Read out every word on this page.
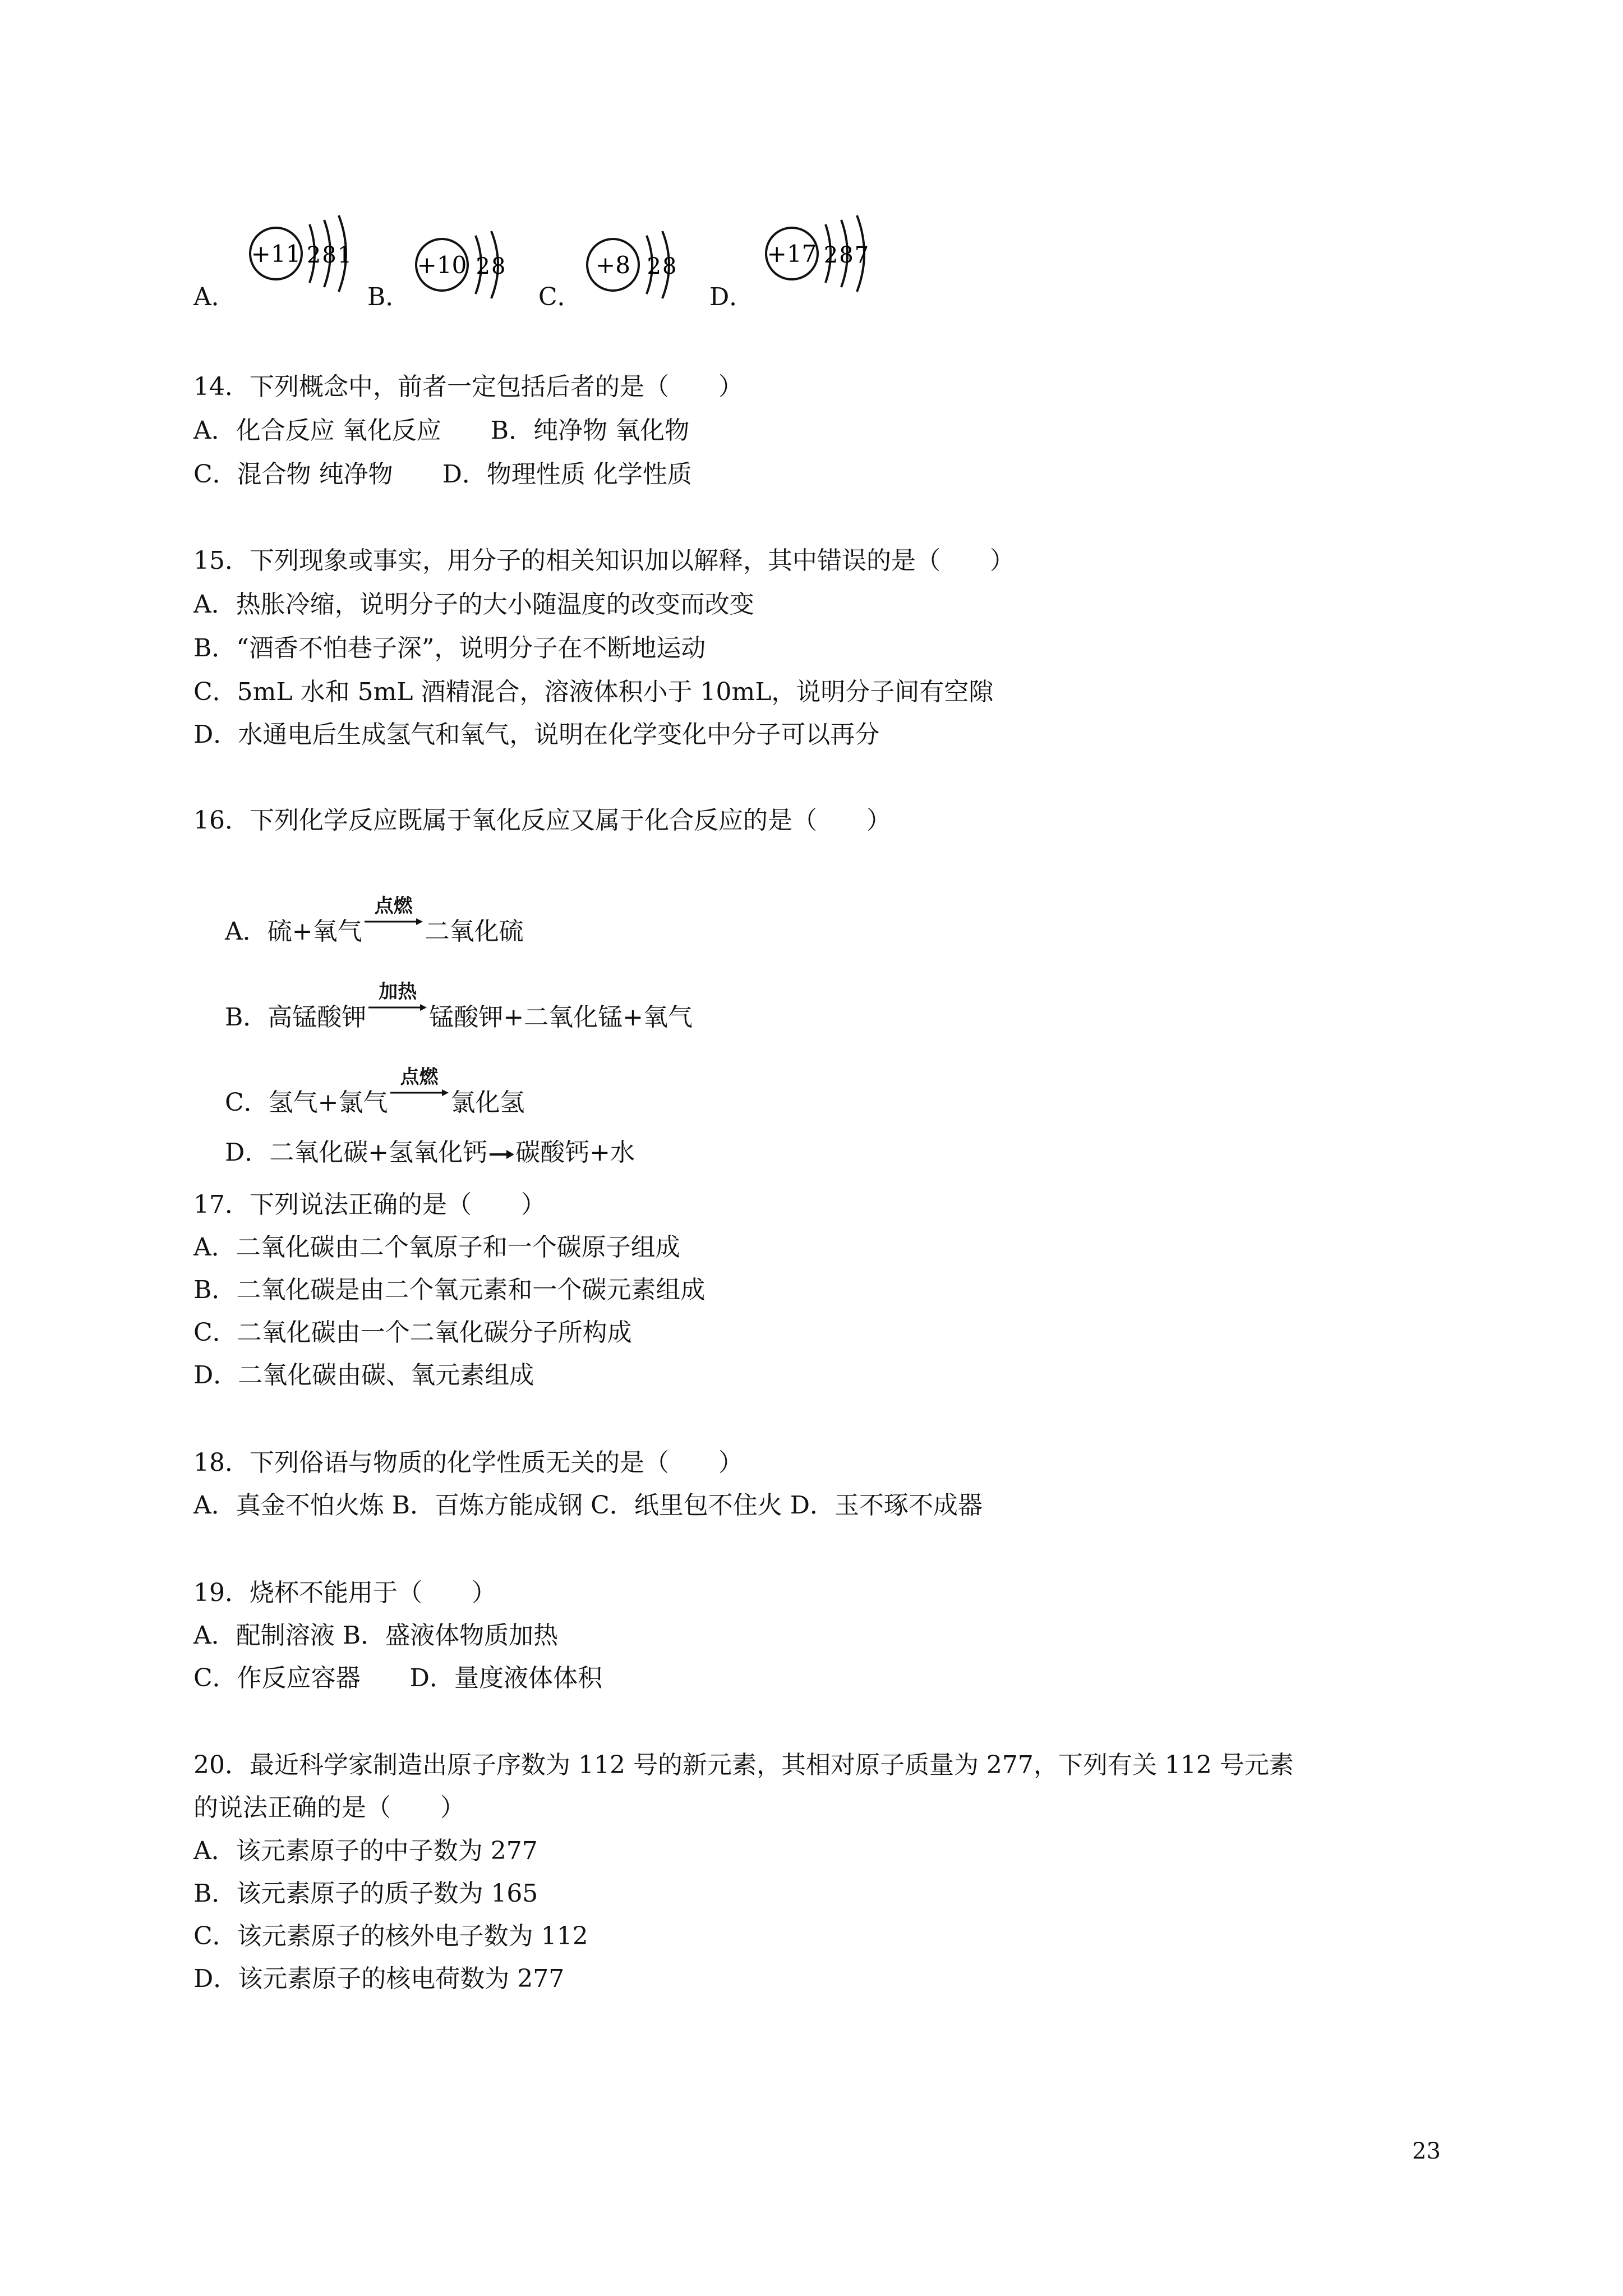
A．
+11 281
B．
+10 28
C．
+8 28
D．
+17 287
14．下列概念中，前者一定包括后者的是（　　）
A．化合反应 氧化反应　　B．纯净物 氧化物
C．混合物 纯净物　　D．物理性质 化学性质
15．下列现象或事实，用分子的相关知识加以解释，其中错误的是（　　）
A．热胀冷缩，说明分子的大小随温度的改变而改变
B．“酒香不怕巷子深”，说明分子在不断地运动
C．5mL 水和 5mL 酒精混合，溶液体积小于 10mL，说明分子间有空隙
D．水通电后生成氢气和氧气，说明在化学变化中分子可以再分
16．下列化学反应既属于氧化反应又属于化合反应的是（　　）

A．硫+氧气
点燃
二氧化硫

B．高锰酸钾
加热
锰酸钾+二氧化锰+氧气

C．氢气+氯气
点燃
氯化氢

D．二氧化碳+氢氧化钙 碳酸钙+水

17．下列说法正确的是（　　）
A．二氧化碳由二个氧原子和一个碳原子组成
B．二氧化碳是由二个氧元素和一个碳元素组成
C．二氧化碳由一个二氧化碳分子所构成
D．二氧化碳由碳、氧元素组成
18．下列俗语与物质的化学性质无关的是（　　）
A．真金不怕火炼 B．百炼方能成钢 C．纸里包不住火 D．玉不琢不成器
19．烧杯不能用于（　　）
A．配制溶液 B．盛液体物质加热
C．作反应容器　　D．量度液体体积
20．最近科学家制造出原子序数为 112 号的新元素，其相对原子质量为 277，下列有关 112 号元素
的说法正确的是（　　）
A．该元素原子的中子数为 277
B．该元素原子的质子数为 165
C．该元素原子的核外电子数为 112
D．该元素原子的核电荷数为 277
23
